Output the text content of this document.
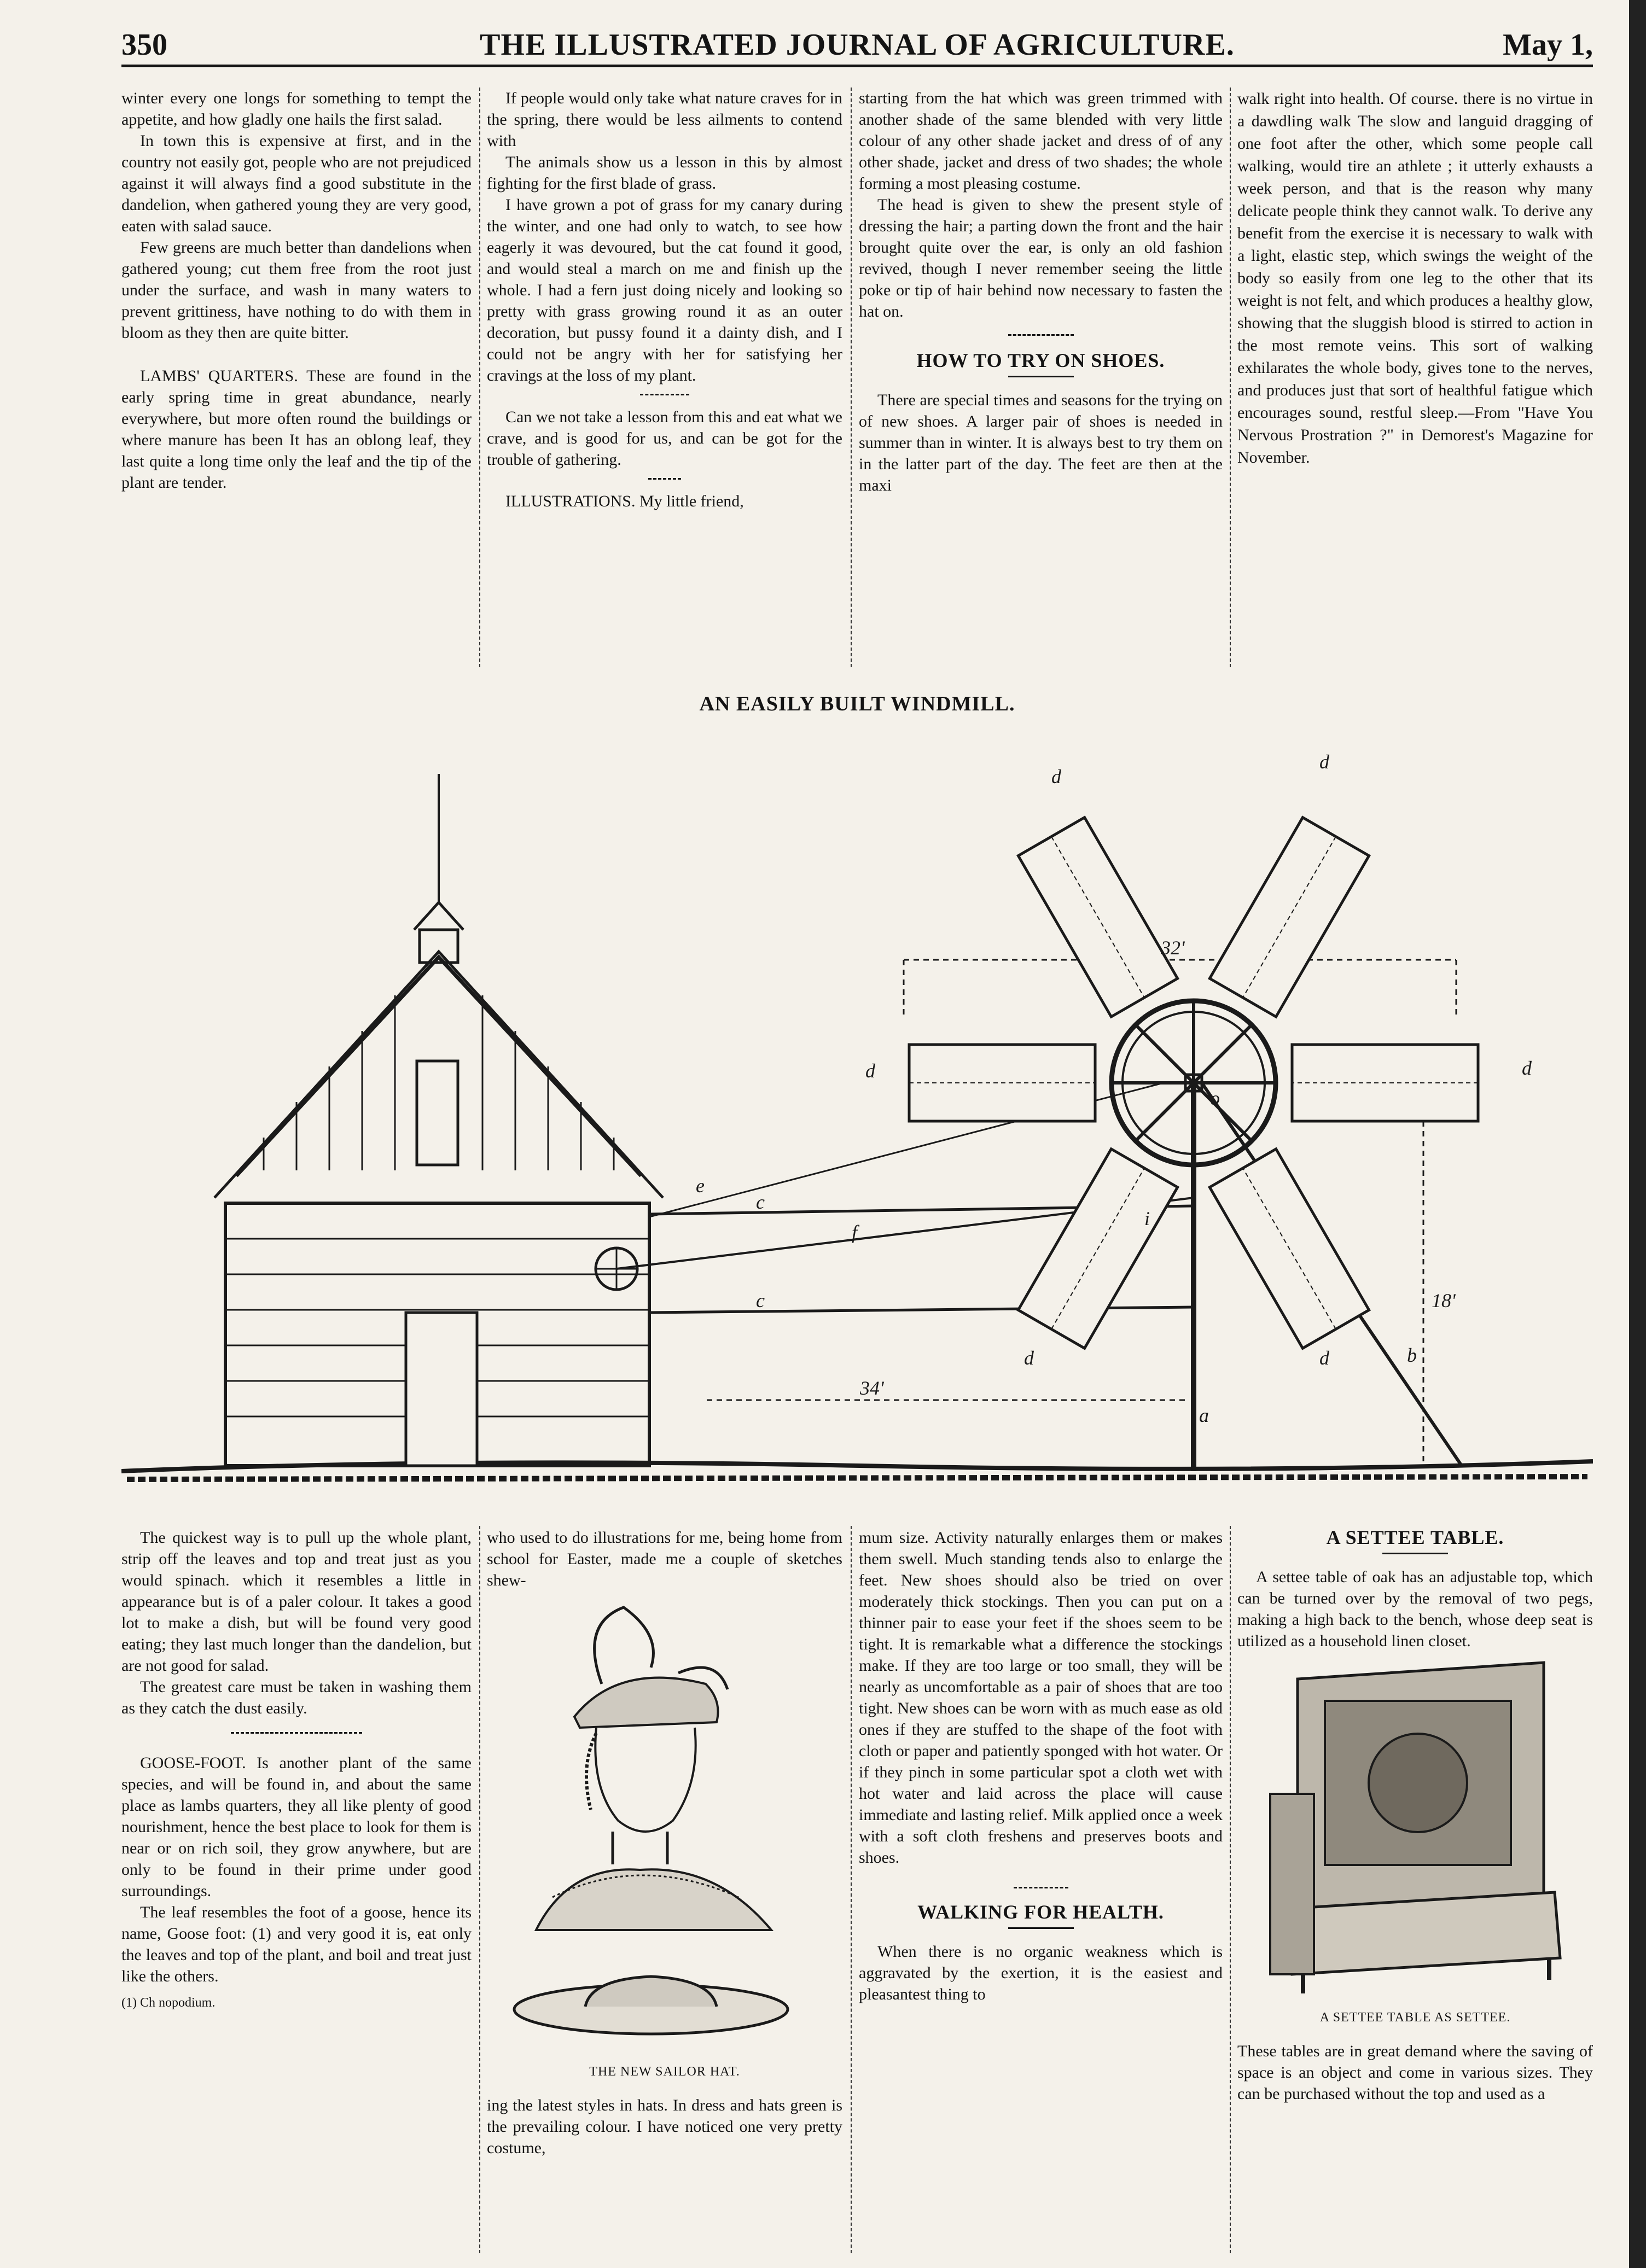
350	THE ILLUSTRATED JOURNAL OF AGRICULTURE.	May 1,

winter every one longs for something to tempt the appetite, and how gladly one hails the first salad.

In town this is expensive at first, and in the country not easily got, people who are not prejudiced against it will always find a good substitute in the dandelion, when gathered young they are very good, eaten with salad sauce.

Few greens are much better than dandelions when gathered young; cut them free from the root just under the surface, and wash in many waters to prevent grittiness, have nothing to do with them in bloom as they then are quite bitter.

LAMBS' QUARTERS. These are found in the early spring time in great abundance, nearly everywhere, but more often round the buildings or where manure has been It has an oblong leaf, they last quite a long time only the leaf and the tip of the plant are tender.

If people would only take what nature craves for in the spring, there would be less ailments to contend with

The animals show us a lesson in this by almost fighting for the first blade of grass.

I have grown a pot of grass for my canary during the winter, and one had only to watch, to see how eagerly it was devoured, but the cat found it good, and would steal a march on me and finish up the whole. I had a fern just doing nicely and looking so pretty with grass growing round it as an outer decoration, but pussy found it a dainty dish, and I could not be angry with her for satisfying her cravings at the loss of my plant.

Can we not take a lesson from this and eat what we crave, and is good for us, and can be got for the trouble of gathering.

ILLUSTRATIONS. My little friend,

starting from the hat which was green trimmed with another shade of the same blended with very little colour of any other shade jacket and dress of of any other shade, jacket and dress of two shades; the whole forming a most pleasing costume.

The head is given to shew the present style of dressing the hair; a parting down the front and the hair brought quite over the ear, is only an old fashion revived, though I never remember seeing the little poke or tip of hair behind now necessary to fasten the hat on.

HOW TO TRY ON SHOES.

There are special times and seasons for the trying on of new shoes. A larger pair of shoes is needed in summer than in winter. It is always best to try them on in the latter part of the day. The feet are then at the maxi

walk right into health. Of course. there is no virtue in a dawdling walk The slow and languid dragging of one foot after the other, which some people call walking, would tire an athlete ; it utterly exhausts a week person, and that is the reason why many delicate people think they cannot walk. To derive any benefit from the exercise it is necessary to walk with a light, elastic step, which swings the weight of the body so easily from one leg to the other that its weight is not felt, and which produces a healthy glow, showing that the sluggish blood is stirred to action in the most remote veins. This sort of walking exhilarates the whole body, gives tone to the nerves, and produces just that sort of healthful fatigue which encourages sound, restful sleep.—From "Have You Nervous Prostration ?" in Demorest's Magazine for November.

AN EASILY BUILT WINDMILL.
d
d
d	d
d	d
a
b
c
c
e
f
o
i
32'
34'
18'

The quickest way is to pull up the whole plant, strip off the leaves and top and treat just as you would spinach. which it resembles a little in appearance but is of a paler colour. It takes a good lot to make a dish, but will be found very good eating; they last much longer than the dandelion, but are not good for salad.

The greatest care must be taken in washing them as they catch the dust easily.

GOOSE-FOOT. Is another plant of the same species, and will be found in, and about the same place as lambs quarters, they all like plenty of good nourishment, hence the best place to look for them is near or on rich soil, they grow anywhere, but are only to be found in their prime under good surroundings.

The leaf resembles the foot of a goose, hence its name, Goose foot: (1) and very good it is, eat only the leaves and top of the plant, and boil and treat just like the others.

(1) Ch nopodium.

who used to do illustrations for me, being home from school for Easter, made me a couple of sketches shew-

THE NEW SAILOR HAT.

ing the latest styles in hats. In dress and hats green is the prevailing colour. I have noticed one very pretty costume,

mum size. Activity naturally enlarges them or makes them swell. Much standing tends also to enlarge the feet. New shoes should also be tried on over moderately thick stockings. Then you can put on a thinner pair to ease your feet if the shoes seem to be tight. It is remarkable what a difference the stockings make. If they are too large or too small, they will be nearly as uncomfortable as a pair of shoes that are too tight. New shoes can be worn with as much ease as old ones if they are stuffed to the shape of the foot with cloth or paper and patiently sponged with hot water. Or if they pinch in some particular spot a cloth wet with hot water and laid across the place will cause immediate and lasting relief. Milk applied once a week with a soft cloth freshens and preserves boots and shoes.

WALKING FOR HEALTH.

When there is no organic weakness which is aggravated by the exertion, it is the easiest and pleasantest thing to

A SETTEE TABLE.

A settee table of oak has an adjustable top, which can be turned over by the removal of two pegs, making a high back to the bench, whose deep seat is utilized as a household linen closet.

A SETTEE TABLE AS SETTEE.

These tables are in great demand where the saving of space is an object and come in various sizes. They can be purchased without the top and used as a
